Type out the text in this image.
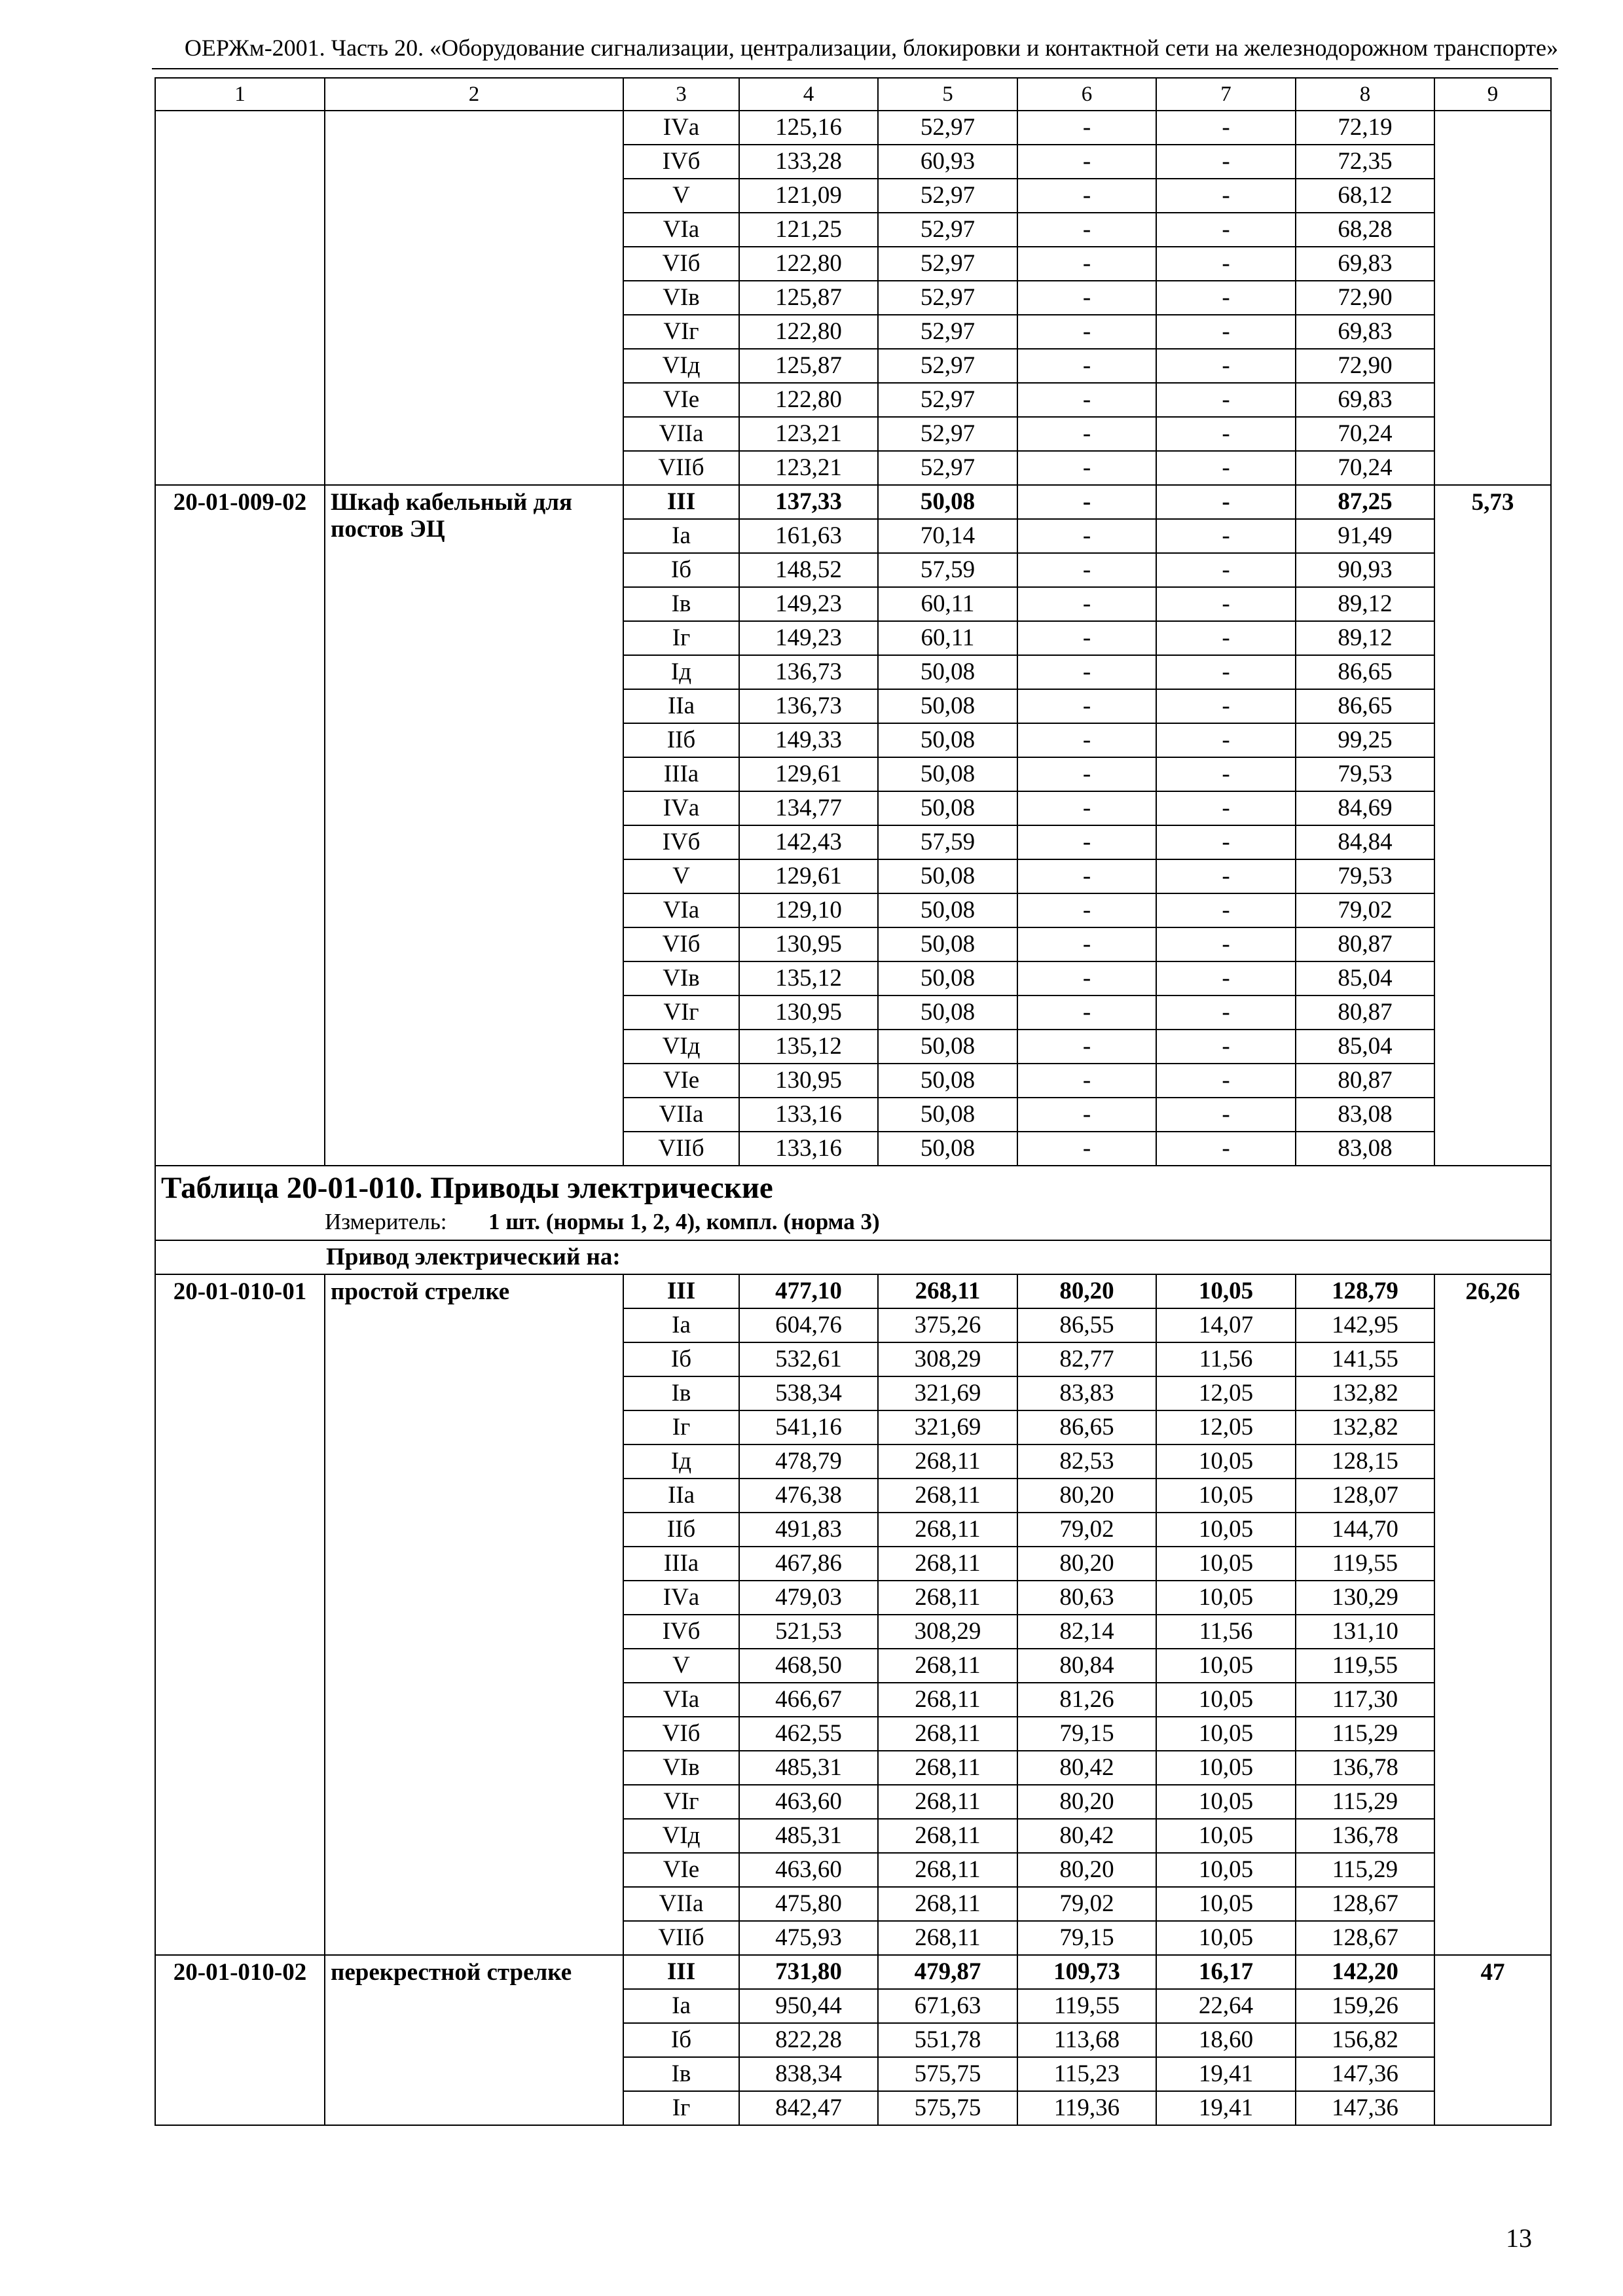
ОЕРЖм-2001. Часть 20. «Оборудование сигнализации, централизации, блокировки и контактной сети на железнодорожном транспорте»
1	2	3	4	5	6	7	8	9
		IVа	125,16	52,97	-	-	72,19	
		IVб	133,28	60,93	-	-	72,35	
		V	121,09	52,97	-	-	68,12	
		VIа	121,25	52,97	-	-	68,28	
		VIб	122,80	52,97	-	-	69,83	
		VIв	125,87	52,97	-	-	72,90	
		VIг	122,80	52,97	-	-	69,83	
		VIд	125,87	52,97	-	-	72,90	
		VIе	122,80	52,97	-	-	69,83	
		VIIа	123,21	52,97	-	-	70,24	
		VIIб	123,21	52,97	-	-	70,24	
20-01-009-02	Шкаф кабельный для постов ЭЦ	III	137,33	50,08	-	-	87,25	5,73
		Iа	161,63	70,14	-	-	91,49	
		Iб	148,52	57,59	-	-	90,93	
		Iв	149,23	60,11	-	-	89,12	
		Iг	149,23	60,11	-	-	89,12	
		Iд	136,73	50,08	-	-	86,65	
		IIа	136,73	50,08	-	-	86,65	
		IIб	149,33	50,08	-	-	99,25	
		IIIа	129,61	50,08	-	-	79,53	
		IVа	134,77	50,08	-	-	84,69	
		IVб	142,43	57,59	-	-	84,84	
		V	129,61	50,08	-	-	79,53	
		VIа	129,10	50,08	-	-	79,02	
		VIб	130,95	50,08	-	-	80,87	
		VIв	135,12	50,08	-	-	85,04	
		VIг	130,95	50,08	-	-	80,87	
		VIд	135,12	50,08	-	-	85,04	
		VIе	130,95	50,08	-	-	80,87	
		VIIа	133,16	50,08	-	-	83,08	
		VIIб	133,16	50,08	-	-	83,08	

Таблица 20-01-010. Приводы электрические
Измеритель: 1 шт. (нормы 1, 2, 4), компл. (норма 3)								

Привод электрический на:								
20-01-010-01	простой стрелке	III	477,10	268,11	80,20	10,05	128,79	26,26
		Iа	604,76	375,26	86,55	14,07	142,95	
		Iб	532,61	308,29	82,77	11,56	141,55	
		Iв	538,34	321,69	83,83	12,05	132,82	
		Iг	541,16	321,69	86,65	12,05	132,82	
		Iд	478,79	268,11	82,53	10,05	128,15	
		IIа	476,38	268,11	80,20	10,05	128,07	
		IIб	491,83	268,11	79,02	10,05	144,70	
		IIIа	467,86	268,11	80,20	10,05	119,55	
		IVа	479,03	268,11	80,63	10,05	130,29	
		IVб	521,53	308,29	82,14	11,56	131,10	
		V	468,50	268,11	80,84	10,05	119,55	
		VIа	466,67	268,11	81,26	10,05	117,30	
		VIб	462,55	268,11	79,15	10,05	115,29	
		VIв	485,31	268,11	80,42	10,05	136,78	
		VIг	463,60	268,11	80,20	10,05	115,29	
		VIд	485,31	268,11	80,42	10,05	136,78	
		VIе	463,60	268,11	80,20	10,05	115,29	
		VIIа	475,80	268,11	79,02	10,05	128,67	
		VIIб	475,93	268,11	79,15	10,05	128,67	
20-01-010-02	перекрестной стрелке	III	731,80	479,87	109,73	16,17	142,20	47
		Iа	950,44	671,63	119,55	22,64	159,26	
		Iб	822,28	551,78	113,68	18,60	156,82	
		Iв	838,34	575,75	115,23	19,41	147,36	
		Iг	842,47	575,75	119,36	19,41	147,36	
13
